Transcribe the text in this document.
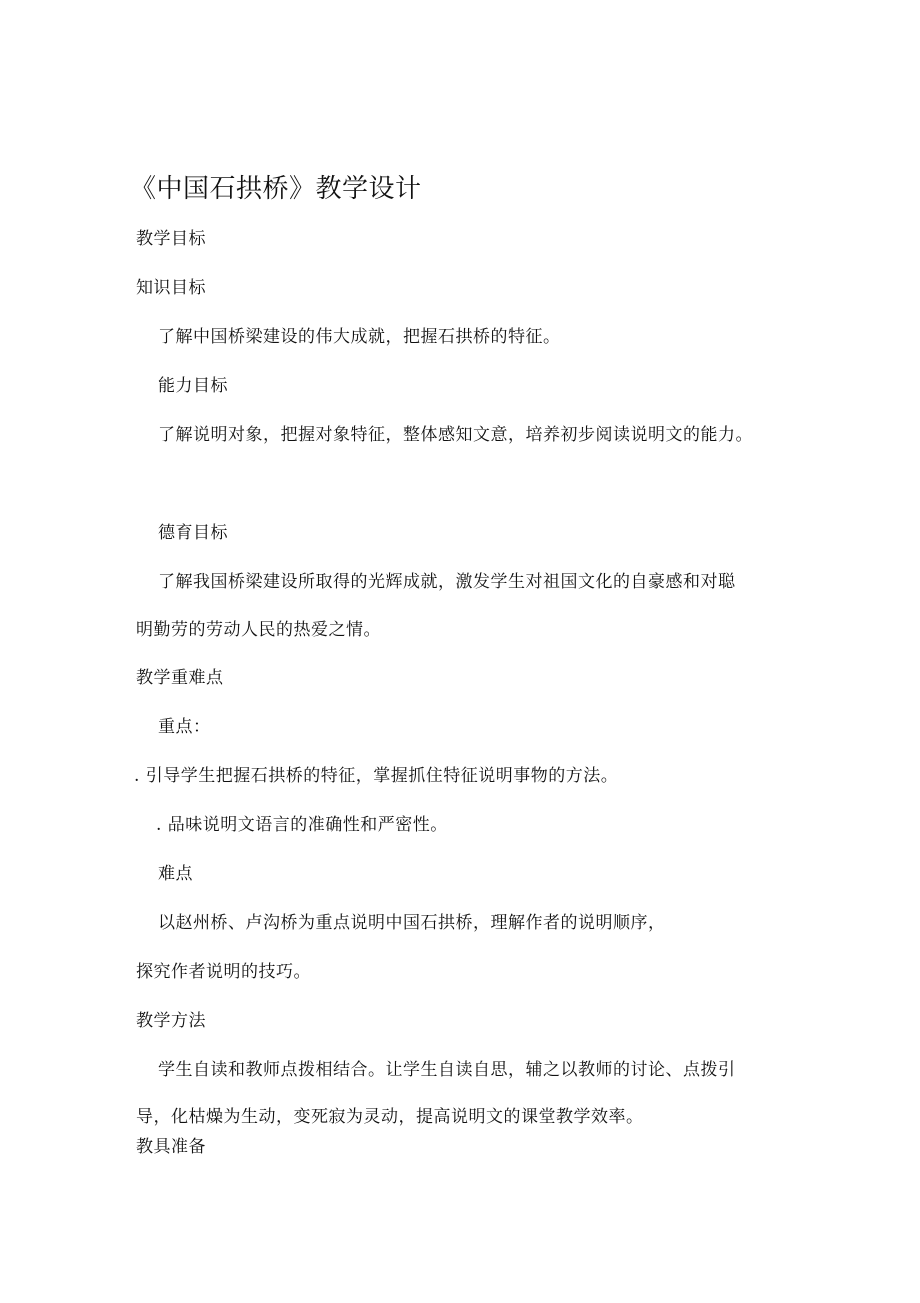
《中国石拱桥》教学设计
教学目标
知识目标
了解中国桥梁建设的伟大成就，把握石拱桥的特征。
能力目标
了解说明对象，把握对象特征，整体感知文意，培养初步阅读说明文的能力。
德育目标
了解我国桥梁建设所取得的光辉成就，激发学生对祖国文化的自豪感和对聪
明勤劳的劳动人民的热爱之情。
教学重难点
重点：
. 引导学生把握石拱桥的特征，掌握抓住特征说明事物的方法。
. 品味说明文语言的准确性和严密性。
难点
以赵州桥、卢沟桥为重点说明中国石拱桥，理解作者的说明顺序，
探究作者说明的技巧。
教学方法
学生自读和教师点拨相结合。让学生自读自思，辅之以教师的讨论、点拨引
导，化枯燥为生动，变死寂为灵动，提高说明文的课堂教学效率。
教具准备
